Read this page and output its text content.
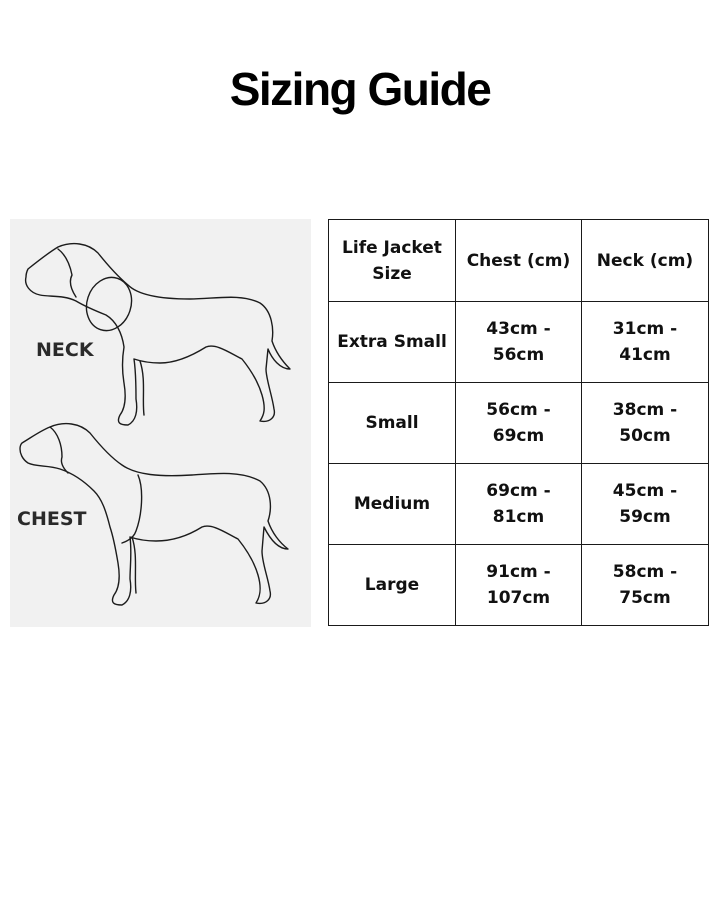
Sizing Guide
NECK
CHEST
Life Jacket Size	Chest (cm)	Neck (cm)

Extra Small	43cm - 56cm	31cm - 41cm

Small	56cm - 69cm	38cm - 50cm

Medium	69cm - 81cm	45cm - 59cm

Large	91cm - 107cm	58cm - 75cm
